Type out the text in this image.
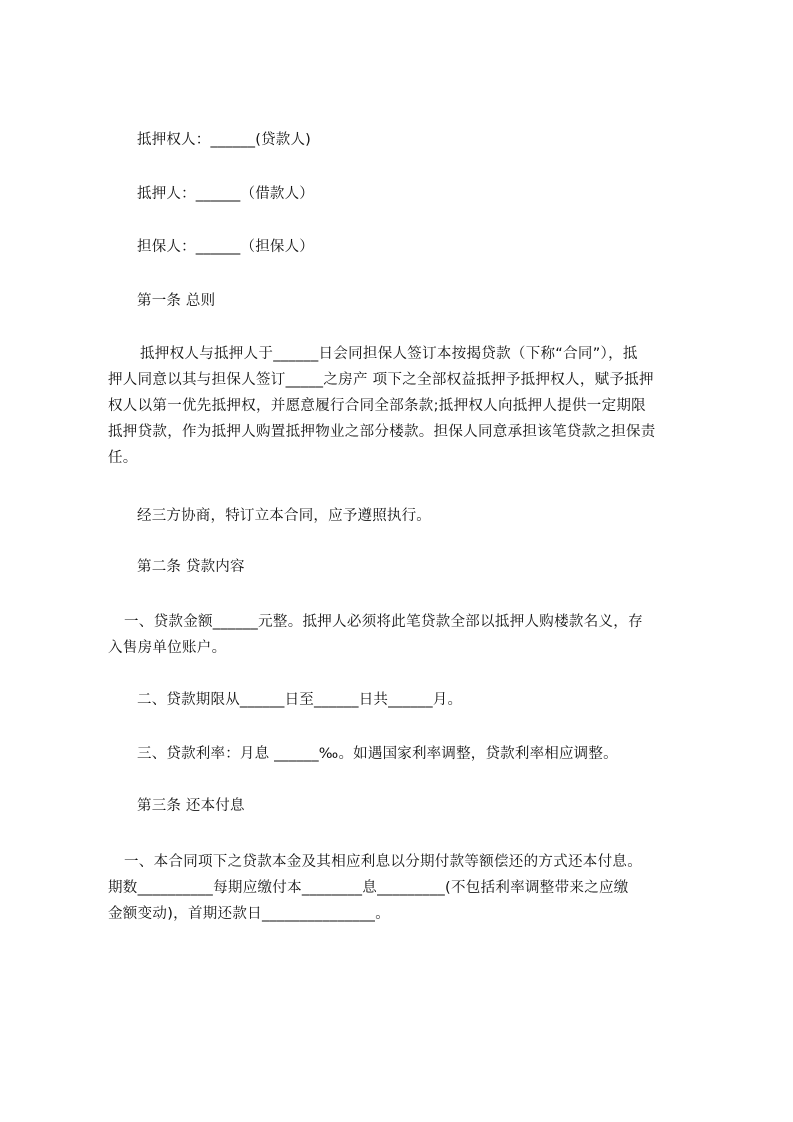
抵押权人：______(贷款人)
抵押人：______（借款人）
担保人：______（担保人）
第一条 总则
抵押权人与抵押人于______日会同担保人签订本按揭贷款（下称“合同”），抵
押人同意以其与担保人签订_____之房产 项下之全部权益抵押予抵押权人，赋予抵押
权人以第一优先抵押权，并愿意履行合同全部条款;抵押权人向抵押人提供一定期限
抵押贷款，作为抵押人购置抵押物业之部分楼款。担保人同意承担该笔贷款之担保责
任。
经三方协商，特订立本合同，应予遵照执行。
第二条 贷款内容
一、贷款金额______元整。抵押人必须将此笔贷款全部以抵押人购楼款名义，存
入售房单位账户。
二、贷款期限从______日至______日共______月。
三、贷款利率：月息 ______‰。如遇国家利率调整，贷款利率相应调整。
第三条 还本付息
一、本合同项下之贷款本金及其相应利息以分期付款等额偿还的方式还本付息。
期数__________每期应缴付本________息_________(不包括利率调整带来之应缴
金额变动)，首期还款日_______________。
